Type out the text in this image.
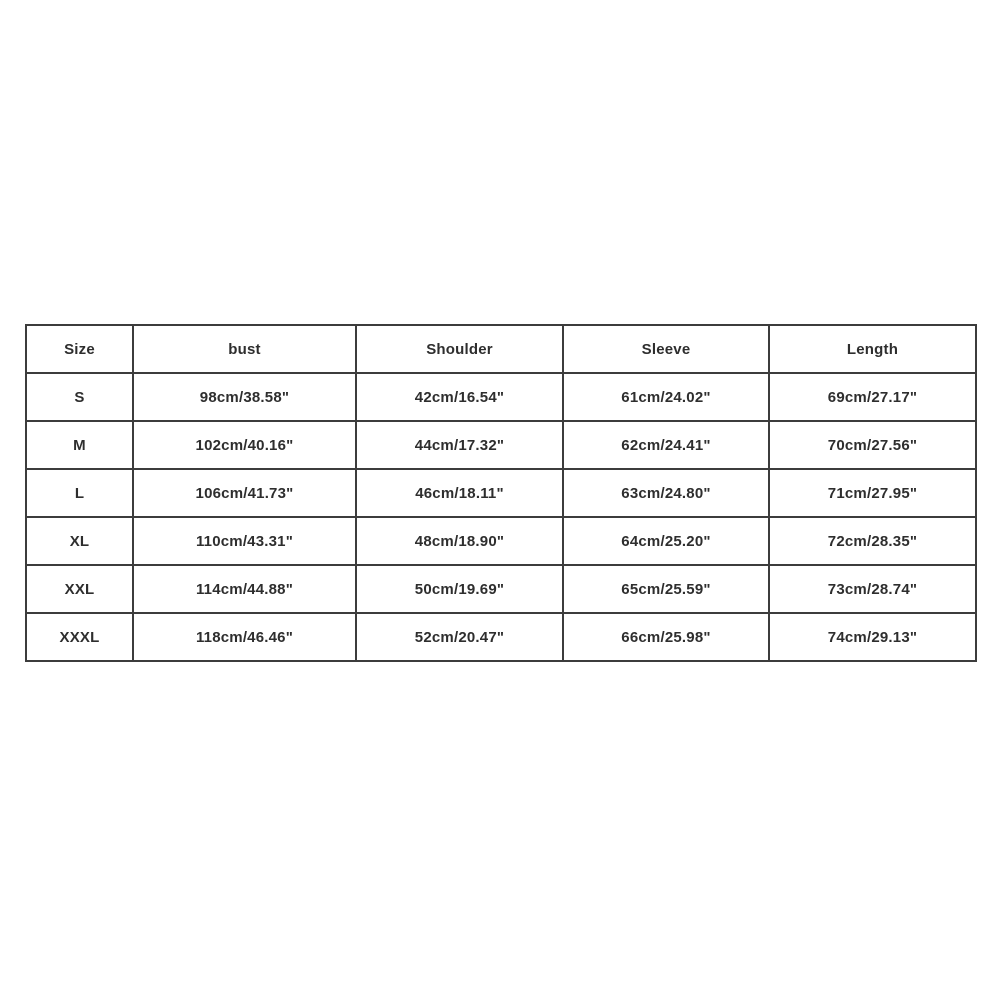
Size	bust	Shoulder	Sleeve	Length
S	98cm/38.58"	42cm/16.54"	61cm/24.02"	69cm/27.17"
M	102cm/40.16"	44cm/17.32"	62cm/24.41"	70cm/27.56"
L	106cm/41.73"	46cm/18.11"	63cm/24.80"	71cm/27.95"
XL	110cm/43.31"	48cm/18.90"	64cm/25.20"	72cm/28.35"
XXL	114cm/44.88"	50cm/19.69"	65cm/25.59"	73cm/28.74"
XXXL	118cm/46.46"	52cm/20.47"	66cm/25.98"	74cm/29.13"
